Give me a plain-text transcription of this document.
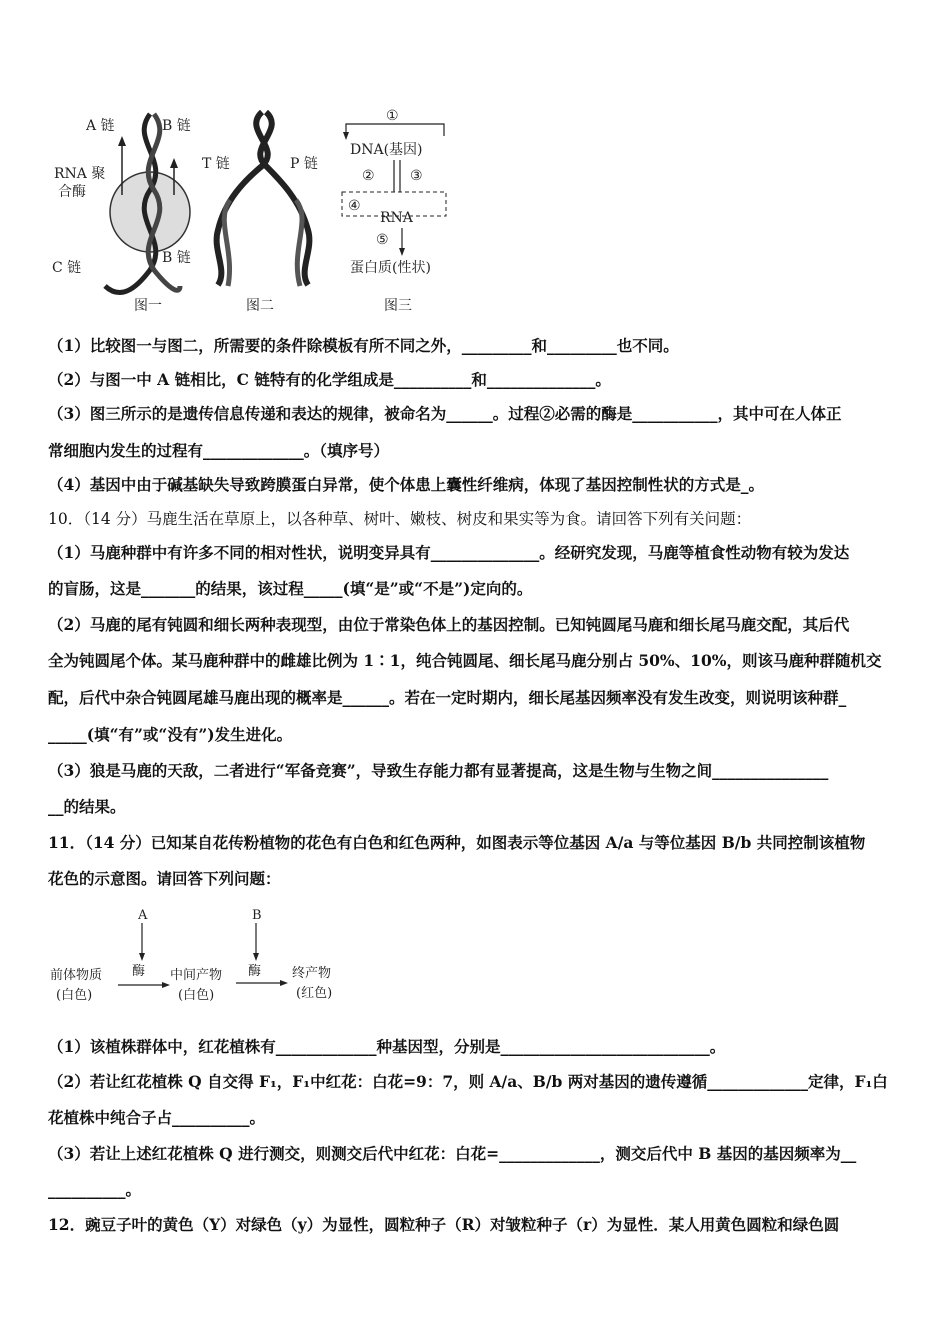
A 链	B 链
RNA 聚
合酶
C 链
B 链
图一
T 链	P 链
图二
①
DNA(基因)
②	③
④
RNA
⑤
蛋白质(性状)
图三
（1）比较图一与图二，所需要的条件除模板有所不同之外，_________和_________也不同。
（2）与图一中 A 链相比，C 链特有的化学组成是__________和______________。
（3）图三所示的是遗传信息传递和表达的规律，被命名为______。过程②必需的酶是___________，其中可在人体正
常细胞内发生的过程有_____________。（填序号）
（4）基因中由于碱基缺失导致跨膜蛋白异常，使个体患上囊性纤维病，体现了基因控制性状的方式是_。
10．（14 分）马鹿生活在草原上，以各种草、树叶、嫩枝、树皮和果实等为食。请回答下列有关问题：
（1）马鹿种群中有许多不同的相对性状，说明变异具有______________。经研究发现，马鹿等植食性动物有较为发达
的盲肠，这是_______的结果，该过程_____(填“是”或“不是”)定向的。
（2）马鹿的尾有钝圆和细长两种表现型，由位于常染色体上的基因控制。已知钝圆尾马鹿和细长尾马鹿交配，其后代
全为钝圆尾个体。某马鹿种群中的雌雄比例为 1∶1，纯合钝圆尾、细长尾马鹿分别占 50%、10%，则该马鹿种群随机交
配，后代中杂合钝圆尾雄马鹿出现的概率是______。若在一定时期内，细长尾基因频率没有发生改变，则说明该种群_
_____(填“有”或“没有”)发生进化。
（3）狼是马鹿的天敌，二者进行“军备竞赛”，导致生存能力都有显著提高，这是生物与生物之间_______________
__的结果。
11．（14 分）已知某自花传粉植物的花色有白色和红色两种，如图表示等位基因 A/a 与等位基因 B/b 共同控制该植物
花色的示意图。请回答下列问题：
A	B
前体物质
(白色)
酶 中间产物
(白色)
酶 终产物
(红色)
（1）该植株群体中，红花植株有_____________种基因型，分别是___________________________。
（2）若让红花植株 Q 自交得 F₁，F₁中红花：白花=9：7，则 A/a、B/b 两对基因的遗传遵循_____________定律，F₁白
花植株中纯合子占__________。
（3）若让上述红花植株 Q 进行测交，则测交后代中红花：白花=_____________，测交后代中 B 基因的基因频率为__
__________。
12．豌豆子叶的黄色（Y）对绿色（y）为显性，圆粒种子（R）对皱粒种子（r）为显性．某人用黄色圆粒和绿色圆
